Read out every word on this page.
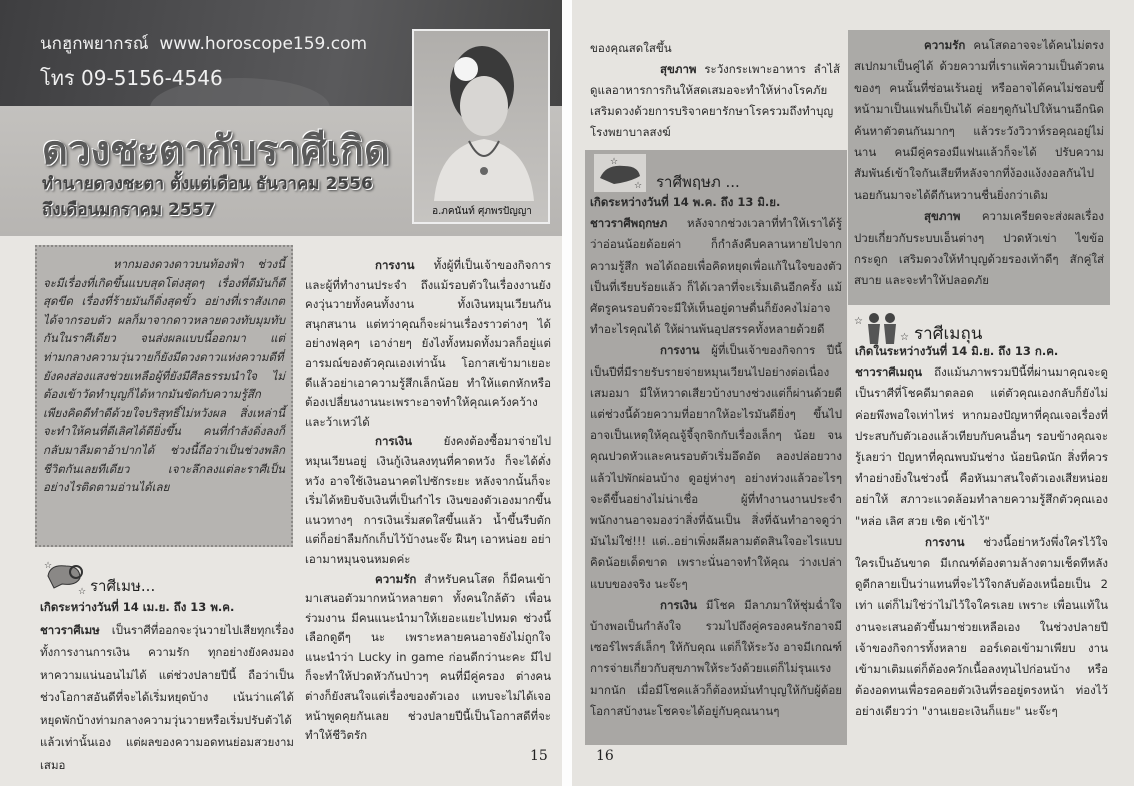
นกฮูกพยากรณ์ www.horoscope159.com
โทร 09-5156-4546
ดวงชะตากับราศีเกิด
ทำนายดวงชะตา ตั้งแต่เดือน ธันวาคม 2556
ถึงเดือนมกราคม 2557	อ.ภคนันท์ ศุภพรปัญญา

หากมองดวงดาวบนท้องฟ้า ช่วงนี้จะมีเรื่องที่เกิดขึ้นแบบสุดโต่งสุดๆ เรื่องที่ดีมันก็ดีสุดขีด เรื่องที่ร้ายมันก็ดิ่งสุดขั้ว อย่างที่เราสังเกตได้จากรอบตัว ผลก็มาจากดาวหลายดวงทับมุมทับกันในราศีเดียว จนส่งผลแบบนี้ออกมา แต่ท่ามกลางความวุ่นวายก็ยังมีดวงดาวแห่งความดีที่ยังคงส่องแสงช่วยเหลือผู้ที่ยังมีศีลธรรมนำใจ ไม่ต้องเข้าวัดทำบุญก็ได้หากมันขัดกับความรู้สึก เพียงคิดดีทำดีด้วยใจบริสุทธิ์ไม่หวังผล สิ่งเหล่านี้จะทำให้คนที่ดีเลิศได้ดียิ่งขึ้น คนที่กำลังดิ่งลงก็กลับมาลืมตาอ้าปากได้ ช่วงนี้ถือว่าเป็นช่วงพลิกชีวิตกันเลยทีเดียว เจาะลึกลงแต่ละราศีเป็นอย่างไรติดตามอ่านได้เลย

การงาน ทั้งผู้ที่เป็นเจ้าของกิจการและผู้ที่ทำงานประจำ ถึงแม้รอบตัวในเรื่องงานยังคงวุ่นวายทั้งคนทั้งงาน ทั้งเงินหมุนเวียนกันสนุกสนาน แต่ทว่าคุณก็จะผ่านเรื่องราวต่างๆ ได้อย่างฟลุคๆ เอาง่ายๆ ยังไงทั้งหมดทั้งมวลก็อยู่แต่อารมณ์ของตัวคุณเองเท่านั้น โอกาสเข้ามาเยอะดีแล้วอย่าเอาความรู้สึกเล็กน้อย ทำให้แตกหักหรือต้องเปลี่ยนงานนะเพราะอาจทำให้คุณเคว้งคว้างและว้าเหว่ได้

การเงิน	ยังคงต้องซื้อมาจ่ายไปหมุนเวียนอยู่ เงินกู้เงินลงทุนที่คาดหวัง ก็จะได้ดั่งหวัง อาจใช้เงินอนาคตไปซักระยะ หลังจากนั้นก็จะเริ่มได้หยิบจับเงินที่เป็นกำไร เงินของตัวเองมากขึ้นแนวทางๆ การเงินเริ่มสดใสขึ้นแล้ว น้ำขึ้นรีบตัก แต่ก็อย่าลืมกักเก็บไว้บ้างนะจ๊ะ ฝืนๆ เอาหน่อย อย่าเอามาหมุนจนหมดค่ะ

ความรัก สำหรับคนโสด ก็มีคนเข้ามาเสนอตัวมากหน้าหลายตา ทั้งคนใกล้ตัว เพื่อนร่วมงาน มีคนแนะนำมาให้เยอะแยะไปหมด ช่วงนี้เลือกดูดีๆ นะ เพราะหลายคนอาจยังไม่ถูกใจ แนะนำว่า Lucky in game ก่อนดีกว่านะคะ มีไปก็จะทำให้ปวดหัวกันป่าวๆ คนที่มีคู่ครอง ต่างคนต่างก็ยังสนใจแต่เรื่องของตัวเอง แทบจะไม่ได้เจอหน้าพูดคุยกันเลย ช่วงปลายปีนี้เป็นโอกาสดีที่จะทำให้ชีวิตรัก

☆
☆ ราศีเมษ...

เกิดระหว่างวันที่ 14 เม.ย. ถึง 13 พ.ค.

ชาวราศีเมษ เป็นราศีที่ออกจะวุ่นวายไปเสียทุกเรื่อง ทั้งการงานการเงิน ความรัก ทุกอย่างยังคงมองหาความแน่นอนไม่ได้ แต่ช่วงปลายปีนี้ ถือว่าเป็นช่วงโอกาสอันดีที่จะได้เริ่มหยุดบ้าง เน้นว่าแค่ได้หยุดพักบ้างท่ามกลางความวุ่นวายหรือเริ่มปรับตัวได้แล้วเท่านั้นเอง แต่ผลของความอดทนย่อมสวยงามเสมอ

15

ของคุณสดใสขึ้น

สุขภาพ ระวังกระเพาะอาหาร ลำไส้ ดูแลอาหารการกินให้สดเสมอจะทำให้ห่างโรคภัย เสริมดวงด้วยการบริจาคยารักษาโรครวมถึงทำบุญโรงพยาบาลสงฆ์

☆
☆ ราศีพฤษภ ...

เกิดระหว่างวันที่ 14 พ.ค. ถึง 13 มิ.ย.

ชาวราศีพฤกษภ หลังจากช่วงเวลาที่ทำให้เราได้รู้ว่าอ่อนน้อยด้อยค่า ก็กำลังคืบคลานหายไปจากความรู้สึก พอได้ถอยเพื่อคิดหยุดเพื่อแก้ในใจของตัวเป็นที่เรียบร้อยแล้ว ก็ได้เวลาที่จะเริ่มเดินอีกครั้ง แม้ศัตรูคนรอบตัวจะมีให้เห็นอยู่ดาษดื่นก็ยังคงไม่อาจทำอะไรคุณได้ ให้ผ่านพ้นอุปสรรคทั้งหลายด้วยดี

การงาน ผู้ที่เป็นเจ้าของกิจการ ปีนี้เป็นปีที่มีรายรับรายจ่ายหมุนเวียนไปอย่างต่อเนื่องเสมอมา มีให้หวาดเสียวบ้างบางช่วงแต่ก็ผ่านด้วยดี แต่ช่วงนี้ด้วยความที่อยากให้อะไรมันดียิ่งๆ ขึ้นไป อาจเป็นเหตุให้คุณจู้จี้จุกจิกกับเรื่องเล็กๆ น้อย จนคุณปวดหัวและคนรอบตัวเริ่มอึดอัด ลองปล่อยวางแล้วไปพักผ่อนบ้าง ดูอยู่ห่างๆ อย่างห่วงแล้วอะไรๆ จะดีขึ้นอย่างไม่น่าเชื่อ ผู้ที่ทำงานงานประจำพนักงานอาจมองว่าสิ่งที่ฉันเป็น สิ่งที่ฉันทำอาจดูว่ามันไม่ใช่!!! แต่..อย่าเพิ่งผลีผลามตัดสินใจอะไรแบบคิดน้อยเด็ดขาด เพราะนั่นอาจทำให้คุณ ว่างเปล่าแบบของจริง นะจ๊ะๆ

การเงิน มีโชค มีลาภมาให้ชุ่มฉ่ำใจบ้างพอเป็นกำลังใจ รวมไปถึงคู่ครองคนรักอาจมีเซอร์ไพรส์เล็กๆ ให้กับคุณ แต่ก็ให้ระวัง อาจมีเกณฑ์การจ่ายเกี่ยวกับสุขภาพให้ระวังด้วยแต่ก็ไม่รุนแรงมากนัก เมื่อมีโชคแล้วก็ต้องหมั่นทำบุญให้กับผู้ด้อยโอกาสบ้างนะโชคจะได้อยู่กับคุณนานๆ

16

ความรัก คนโสดอาจจะได้คนไม่ตรงสเปกมาเป็นคู่ได้ ด้วยความที่เราแพ้ความเป็นตัวตนของๆ คนนั้นที่ซ่อนเร้นอยู่ หรืออาจได้คนไม่ชอบขี้หน้ามาเป็นแฟนก็เป็นได้ ค่อยๆดูกันไปให้นานอีกนิดค้นหาตัวตนกันมากๆ แล้วระวังวิวาห์รอคุณอยู่ไม่นาน คนมีคู่ครองมีแฟนแล้วก็จะได้ ปรับความสัมพันธ์เข้าใจกันเสียทีหลังจากที่ง้องแง้งงอลกันไป นอยกันมาจะได้ดีกันหวานชื่นยิ่งกว่าเดิม

สุขภาพ ความเครียดจะส่งผลเรื่องปวยเกี่ยวกับระบบเอ็นต่างๆ ปวดหัวเข่า ไขข้อกระดูก เสริมดวงให้ทำบุญด้วยรองเท้าดีๆ สักคู่ใส่สบาย และจะทำให้ปลอดภัย

☆
☆ ราศีเมถุน

เกิดในระหว่างวันที่ 14 มิ.ย. ถึง 13 ก.ค.

ชาวราศีเมถุน ถึงแม้นภาพรวมปีนี้ที่ผ่านมาคุณจะดูเป็นราศีที่โชคดีมาตลอด แต่ตัวคุณเองกลับก็ยังไม่ค่อยพึงพอใจเท่าไหร่ หากมองปัญหาที่คุณเจอเรื่องที่ประสบกับตัวเองแล้วเทียบกับคนอื่นๆ รอบข้างคุณจะรู้เลยว่า ปัญหาที่คุณพบมันช่าง น้อยนิดนัก สิ่งที่ควรทำอย่างยิ่งในช่วงนี้ คือหันมาสนใจตัวเองเสียหน่อยอย่าให้ สภาวะแวดล้อมทำลายความรู้สึกตัวคุณเอง "หล่อ เลิศ สวย เชิด เข้าไว้"

การงาน ช่วงนี้อย่าหวังพึ่งใครไว้ใจใครเป็นอันขาด มีเกณฑ์ต้องตามล้างตามเช็ดทีหลัง ดูดีกลายเป็นว่าแทนที่จะไว้ใจกลับต้องเหนื่อยเป็น 2 เท่า แต่ก็ไม่ใช่ว่าไม่ไว้ใจใครเลย เพราะ เพื่อนแท้ในงานจะเสนอตัวขึ้นมาช่วยเหลือเอง ในช่วงปลายปีเจ้าของกิจการทั้งหลาย ออร์เดอเข้ามาเพียบ งานเข้ามาเติมแต่ก็ต้องควักเนื้อลงทุนไปก่อนบ้าง หรือต้องอดทนเพื่อรอคอยตัวเงินที่รออยู่ตรงหน้า ท่องไว้อย่างเดียวว่า "งานเยอะเงินก็แยะ" นะจ๊ะๆ
